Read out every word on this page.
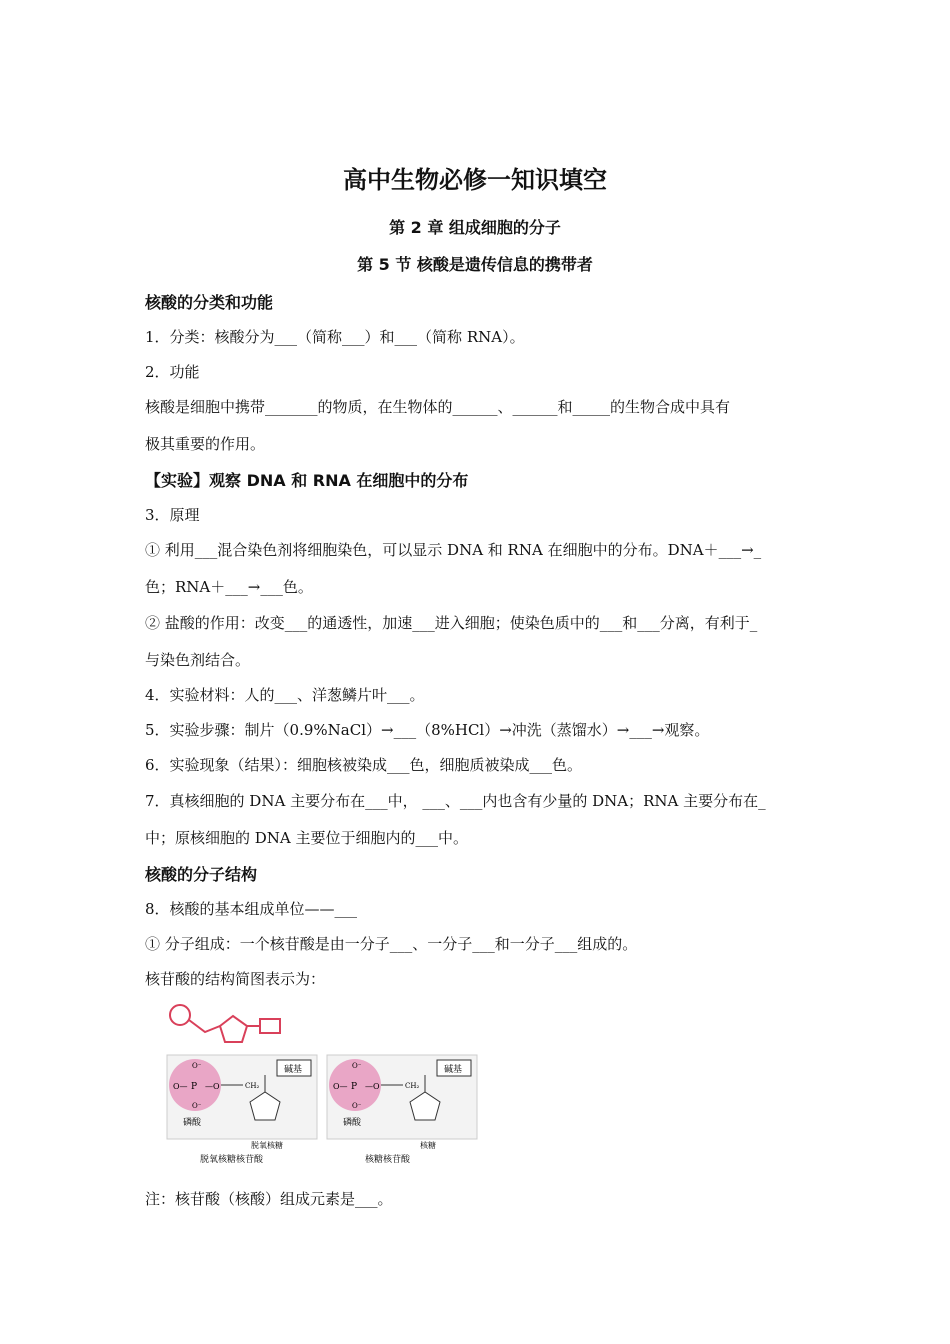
高中生物必修一知识填空
第 2 章 组成细胞的分子
第 5 节 核酸是遗传信息的携带者
核酸的分类和功能
1．分类：核酸分为___（简称___）和___（简称 RNA）。
2．功能
核酸是细胞中携带_______的物质，在生物体的______、______和_____的生物合成中具有
极其重要的作用。
【实验】观察 DNA 和 RNA 在细胞中的分布
3．原理
① 利用___混合染色剂将细胞染色，可以显示 DNA 和 RNA 在细胞中的分布。DNA＋___→_
色；RNA＋___→___色。
② 盐酸的作用：改变___的通透性，加速___进入细胞；使染色质中的___和___分离，有利于_
与染色剂结合。
4．实验材料：人的___、洋葱鳞片叶___。
5．实验步骤：制片（0.9%NaCl）→___（8%HCl）→冲洗（蒸馏水）→___→观察。
6．实验现象（结果）：细胞核被染成___色，细胞质被染成___色。
7．真核细胞的 DNA 主要分布在___中， ___、___内也含有少量的 DNA；RNA 主要分布在_
中；原核细胞的 DNA 主要位于细胞内的___中。
核酸的分子结构
8．核酸的基本组成单位——___
① 分子组成：一个核苷酸是由一分子___、一分子___和一分子___组成的。
核苷酸的结构简图表示为：
P
O— —O
O⁻
O⁻
CH₂
碱基
磷酸
脱氧核糖
脱氧核糖核苷酸
P
O— —O
O⁻
O⁻
CH₂
碱基
磷酸
核糖
核糖核苷酸
注：核苷酸（核酸）组成元素是___。
